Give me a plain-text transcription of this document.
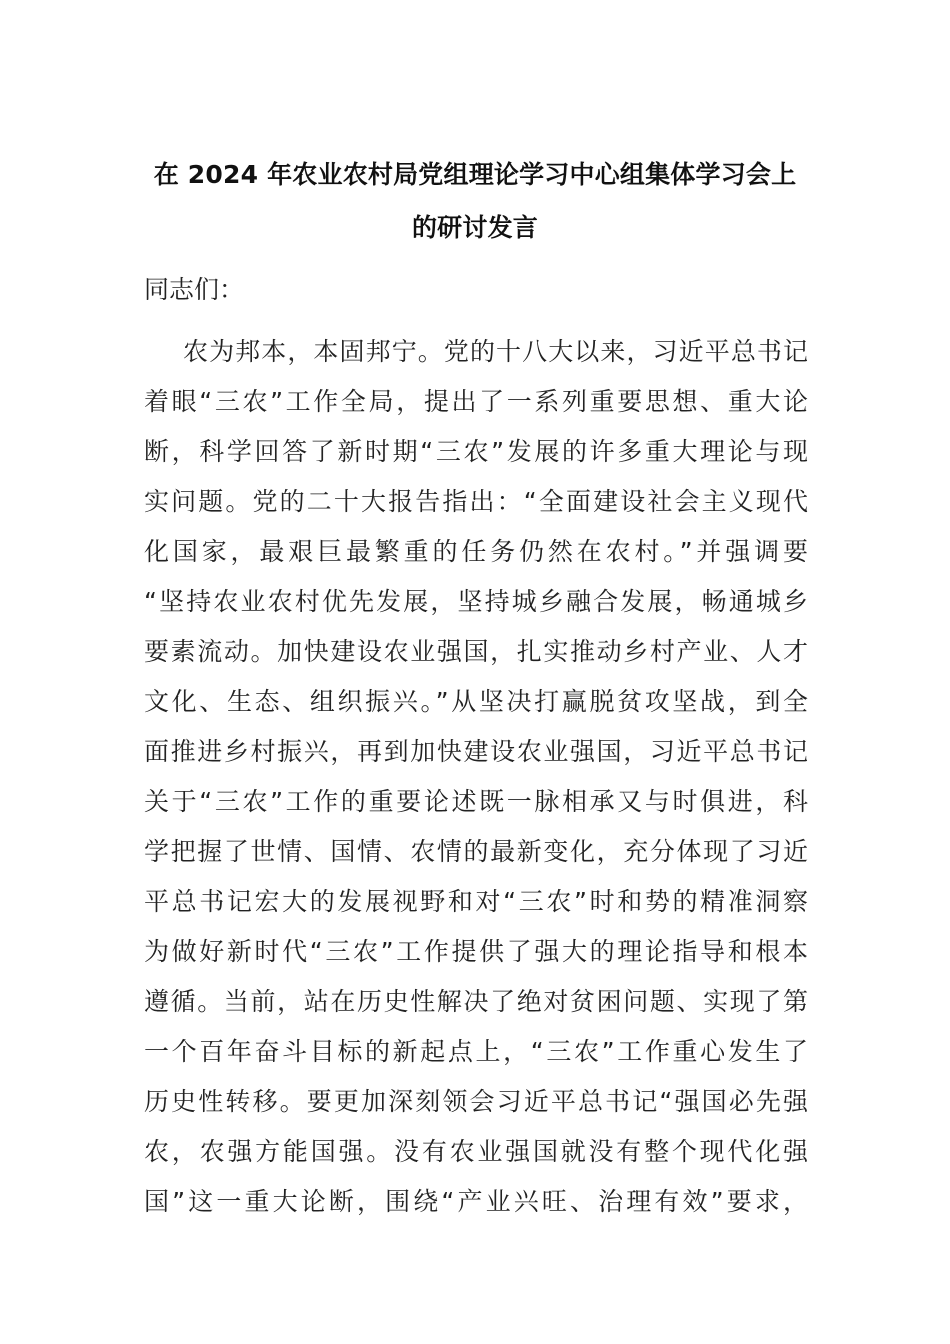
在 2024 年农业农村局党组理论学习中心组集体学习会上
的研讨发言
同志们：
农为邦本，本固邦宁。党的十八大以来，习近平总书记
着眼“三农”工作全局，提出了一系列重要思想、重大论
断，科学回答了新时期“三农”发展的许多重大理论与现
实问题。党的二十大报告指出：“全面建设社会主义现代
化国家，最艰巨最繁重的任务仍然在农村。”并强调要
“坚持农业农村优先发展，坚持城乡融合发展，畅通城乡
要素流动。加快建设农业强国，扎实推动乡村产业、人才
文化、生态、组织振兴。”从坚决打赢脱贫攻坚战，到全
面推进乡村振兴，再到加快建设农业强国，习近平总书记
关于“三农”工作的重要论述既一脉相承又与时俱进，科
学把握了世情、国情、农情的最新变化，充分体现了习近
平总书记宏大的发展视野和对“三农”时和势的精准洞察
为做好新时代“三农”工作提供了强大的理论指导和根本
遵循。当前，站在历史性解决了绝对贫困问题、实现了第
一个百年奋斗目标的新起点上，“三农”工作重心发生了
历史性转移。要更加深刻领会习近平总书记“强国必先强
农，农强方能国强。没有农业强国就没有整个现代化强
国”这一重大论断，围绕“产业兴旺、治理有效”要求，
